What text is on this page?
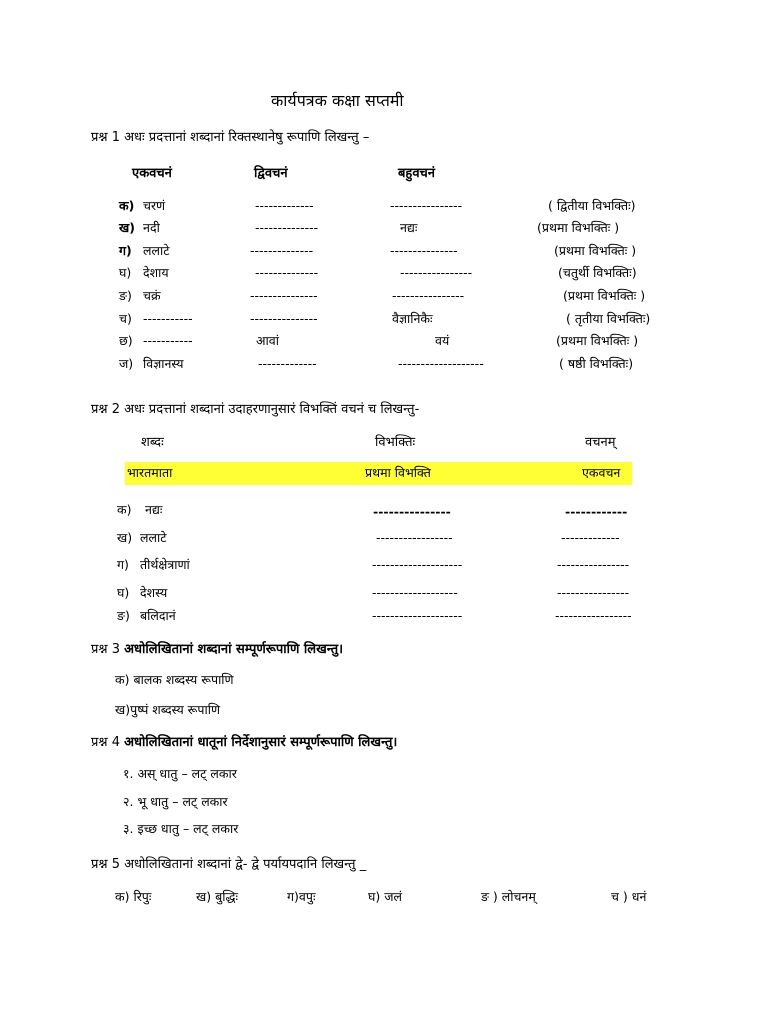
कार्यपत्रक कक्षा सप्तमी
प्रश्न 1 अधः प्रदत्तानां शब्दानां रिक्तस्थानेषु रूपाणि लिखन्तु –
एकवचनं	द्विवचनं	बहुवचनं
क) चरणं	-------------	----------------	( द्वितीया विभक्तिः)
ख) नदी	--------------	नद्यः	(प्रथमा विभक्तिः )
ग) ललाटे	--------------	---------------	(प्रथमा विभक्तिः )
घ) देशाय	--------------	----------------	(चतुर्थी विभक्तिः)
ङ) चक्रं	---------------	----------------	(प्रथमा विभक्तिः )
च) -----------	---------------	वैज्ञानिकैः	( तृतीया विभक्तिः)
छ) -----------	आवां	वयं	(प्रथमा विभक्तिः )
ज) विज्ञानस्य	-------------	-------------------	( षष्ठी विभक्तिः)
प्रश्न 2 अधः प्रदत्तानां शब्दानां उदाहरणानुसारं विभक्तिं वचनं च लिखन्तु-
शब्दः	विभक्तिः	वचनम्
भारतमाता	प्रथमा विभक्ति	एकवचन
क) नद्यः	---------------	------------
ख) ललाटे	-----------------	-------------
ग) तीर्थक्षेत्राणां	--------------------	----------------
घ) देशस्य	-------------------	----------------
ङ) बलिदानं	--------------------	-----------------
प्रश्न 3 अधोलिखितानां शब्दानां सम्पूर्णरूपाणि लिखन्तु।
क) बालक शब्दस्य रूपाणि
ख)पुष्पं शब्दस्य रूपाणि
प्रश्न 4 अधोलिखितानां धातूनां निर्देशानुसारं सम्पूर्णरूपाणि लिखन्तु।
१. अस् धातु – लट् लकार
२. भू धातु – लट् लकार
३. इच्छ धातु – लट् लकार
प्रश्न 5 अधोलिखितानां शब्दानां द्वे- द्वे पर्यायपदानि लिखन्तु _
क) रिपुः	ख) बुद्धिः	ग)वपुः	घ) जलं	ङ ) लोचनम्	च ) धनं
